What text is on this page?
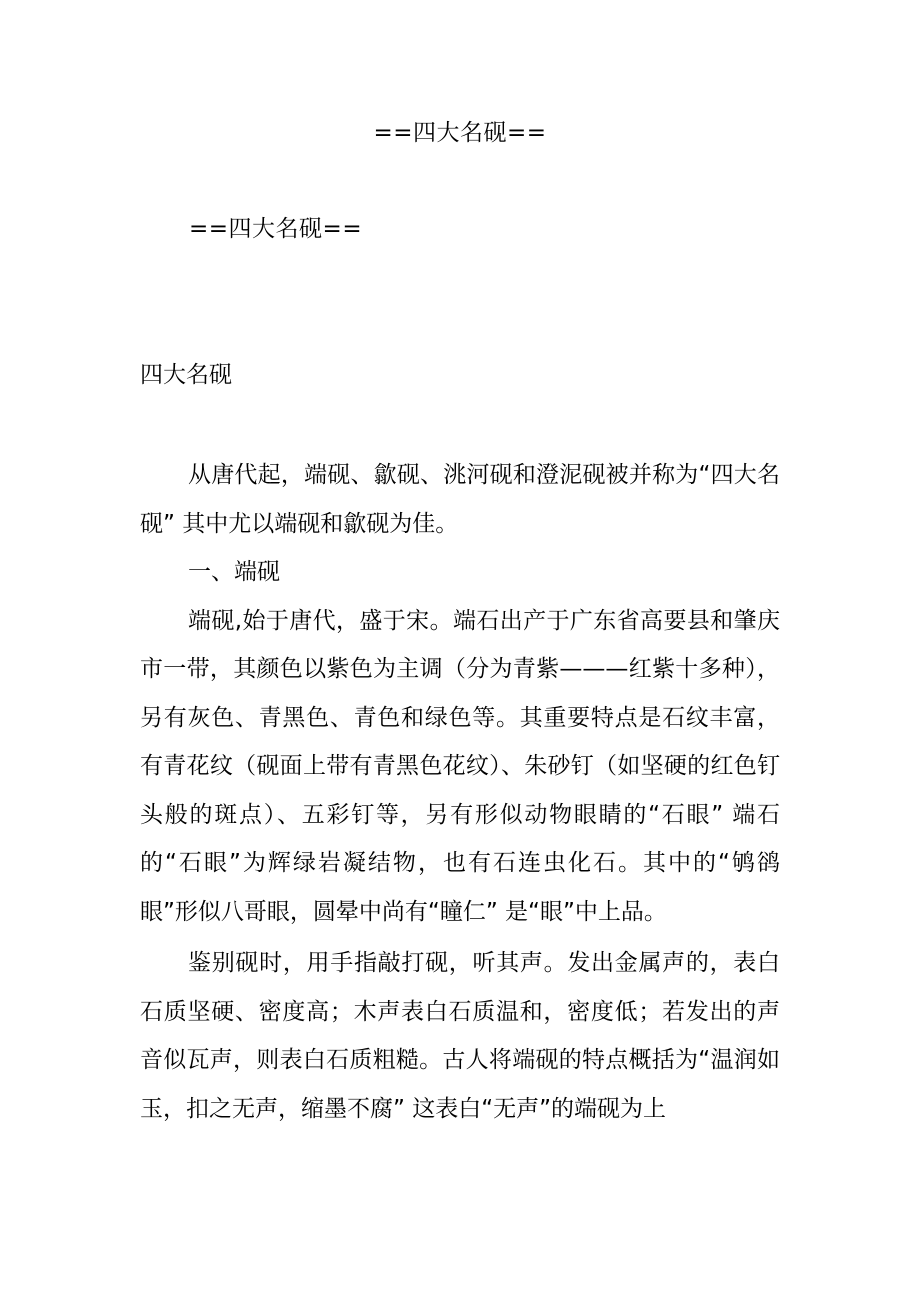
==四大名砚==
==四大名砚==
四大名砚

从唐代起，端砚、歙砚、洮河砚和澄泥砚被并称为“四大名砚” 其中尤以端砚和歙砚为佳。

一、端砚

端砚,始于唐代，盛于宋。端石出产于广东省高要县和肇庆市一带，其颜色以紫色为主调（分为青紫———红紫十多种），另有灰色、青黑色、青色和绿色等。其重要特点是石纹丰富，有青花纹（砚面上带有青黑色花纹）、朱砂钉（如坚硬的红色钉头般的斑点）、五彩钉等，另有形似动物眼睛的“石眼” 端石的“石眼”为辉绿岩凝结物，也有石连虫化石。其中的“鸲鹆眼”形似八哥眼，圆晕中尚有“瞳仁” 是“眼”中上品。

鉴别砚时，用手指敲打砚，听其声。发出金属声的，表白石质坚硬、密度高；木声表白石质温和，密度低；若发出的声音似瓦声，则表白石质粗糙。古人将端砚的特点概括为“温润如玉，扣之无声，缩墨不腐” 这表白“无声”的端砚为上
